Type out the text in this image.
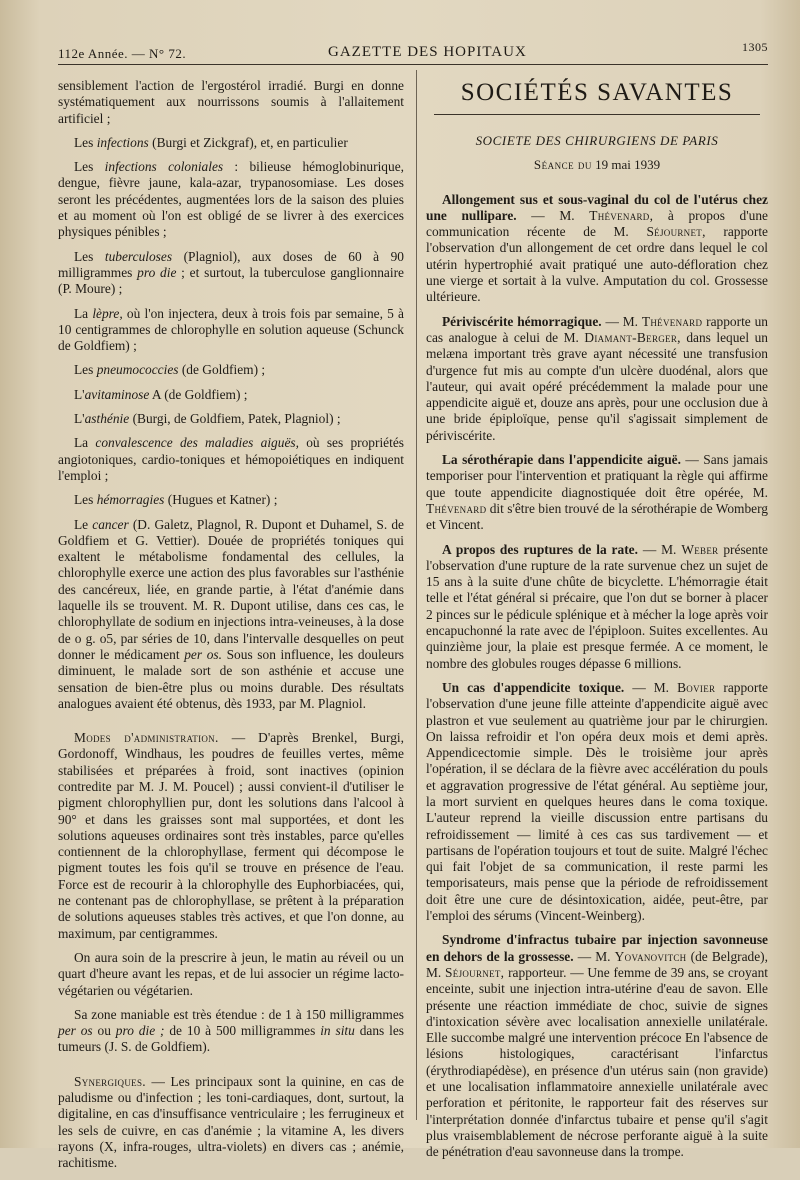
112e Année. — N° 72.	GAZETTE DES HOPITAUX	1305

sensiblement l'action de l'ergostérol irradié. Burgi en donne systématiquement aux nourrissons soumis à l'allaitement artificiel ;

Les infections (Burgi et Zickgraf), et, en particulier

Les infections coloniales : bilieuse hémoglobinurique, dengue, fièvre jaune, kala-azar, trypanosomiase. Les doses seront les précédentes, augmentées lors de la saison des pluies et au moment où l'on est obligé de se livrer à des exercices physiques pénibles ;

Les tuberculoses (Plagniol), aux doses de 60 à 90 milligrammes pro die ; et surtout, la tuberculose ganglionnaire (P. Moure) ;

La lèpre, où l'on injectera, deux à trois fois par semaine, 5 à 10 centigrammes de chlorophylle en solution aqueuse (Schunck de Goldfiem) ;

Les pneumococcies (de Goldfiem) ;

L'avitaminose A (de Goldfiem) ;

L'asthénie (Burgi, de Goldfiem, Patek, Plagniol) ;

La convalescence des maladies aiguës, où ses propriétés angiotoniques, cardio-toniques et hémopoiétiques en indiquent l'emploi ;

Les hémorragies (Hugues et Katner) ;

Le cancer (D. Galetz, Plagnol, R. Dupont et Duhamel, S. de Goldfiem et G. Vettier). Douée de propriétés toniques qui exaltent le métabolisme fondamental des cellules, la chlorophylle exerce une action des plus favorables sur l'asthénie des cancéreux, liée, en grande partie, à l'état d'anémie dans laquelle ils se trouvent. M. R. Dupont utilise, dans ces cas, le chlorophyllate de sodium en injections intra-veineuses, à la dose de o g. o5, par séries de 10, dans l'intervalle desquelles on peut donner le médicament per os. Sous son influence, les douleurs diminuent, le malade sort de son asthénie et accuse une sensation de bien-être plus ou moins durable. Des résultats analogues avaient été obtenus, dès 1933, par M. Plagniol.

Modes d'administration. — D'après Brenkel, Burgi, Gordonoff, Windhaus, les poudres de feuilles vertes, même stabilisées et préparées à froid, sont inactives (opinion contredite par M. J. M. Poucel) ; aussi convient-il d'utiliser le pigment chlorophyllien pur, dont les solutions dans l'alcool à 90° et dans les graisses sont mal supportées, et dont les solutions aqueuses ordinaires sont très instables, parce qu'elles contiennent de la chlorophyllase, ferment qui décompose le pigment toutes les fois qu'il se trouve en présence de l'eau. Force est de recourir à la chlorophylle des Euphorbiacées, qui, ne contenant pas de chlorophyllase, se prêtent à la préparation de solutions aqueuses stables très actives, et que l'on donne, au maximum, par centigrammes.

On aura soin de la prescrire à jeun, le matin au réveil ou un quart d'heure avant les repas, et de lui associer un régime lacto-végétarien ou végétarien.

Sa zone maniable est très étendue : de 1 à 150 milligrammes per os ou pro die ; de 10 à 500 milligrammes in situ dans les tumeurs (J. S. de Goldfiem).

Synergiques. — Les principaux sont la quinine, en cas de paludisme ou d'infection ; les toni-cardiaques, dont, surtout, la digitaline, en cas d'insuffisance ventriculaire ; les ferrugineux et les sels de cuivre, en cas d'anémie ; la vitamine A, les divers rayons (X, infra-rouges, ultra-violets) en divers cas ; anémie, rachitisme.

SOCIÉTÉS SAVANTES
SOCIETE DES CHIRURGIENS DE PARIS
Séance du 19 mai 1939

Allongement sus et sous-vaginal du col de l'utérus chez une nullipare. — M. Thévenard, à propos d'une communication récente de M. Séjournet, rapporte l'observation d'un allongement de cet ordre dans lequel le col utérin hypertrophié avait pratiqué une auto-défloration chez une vierge et sortait à la vulve. Amputation du col. Grossesse ultérieure.

Périviscérite hémorragique. — M. Thévenard rapporte un cas analogue à celui de M. Diamant-Berger, dans lequel un melæna important très grave ayant nécessité une transfusion d'urgence fut mis au compte d'un ulcère duodénal, alors que l'auteur, qui avait opéré précédemment la malade pour une appendicite aiguë et, douze ans après, pour une occlusion due à une bride épiploïque, pense qu'il s'agissait simplement de périviscérite.

La sérothérapie dans l'appendicite aiguë. — Sans jamais temporiser pour l'intervention et pratiquant la règle qui affirme que toute appendicite diagnostiquée doit être opérée, M. Thévenard dit s'être bien trouvé de la sérothérapie de Womberg et Vincent.

A propos des ruptures de la rate. — M. Weber présente l'observation d'une rupture de la rate survenue chez un sujet de 15 ans à la suite d'une chûte de bicyclette. L'hémorragie était telle et l'état général si précaire, que l'on dut se borner à placer 2 pinces sur le pédicule splénique et à mécher la loge après voir encapuchonné la rate avec de l'épiploon. Suites excellentes. Au quinzième jour, la plaie est presque fermée. A ce moment, le nombre des globules rouges dépasse 6 millions.

Un cas d'appendicite toxique. — M. Bovier rapporte l'observation d'une jeune fille atteinte d'appendicite aiguë avec plastron et vue seulement au quatrième jour par le chirurgien. On laissa refroidir et l'on opéra deux mois et demi après. Appendicectomie simple. Dès le troisième jour après l'opération, il se déclara de la fièvre avec accélération du pouls et aggravation progressive de l'état général. Au septième jour, la mort survient en quelques heures dans le coma toxique. L'auteur reprend la vieille discussion entre partisans du refroidissement — limité à ces cas sus tardivement — et partisans de l'opération toujours et tout de suite. Malgré l'échec qui fait l'objet de sa communication, il reste parmi les temporisateurs, mais pense que la période de refroidissement doit être une cure de désintoxication, aidée, peut-être, par l'emploi des sérums (Vincent-Weinberg).

Syndrome d'infractus tubaire par injection savonneuse en dehors de la grossesse. — M. Yovanovitch (de Belgrade), M. Séjournet, rapporteur. — Une femme de 39 ans, se croyant enceinte, subit une injection intra-utérine d'eau de savon. Elle présente une réaction immédiate de choc, suivie de signes d'intoxication sévère avec localisation annexielle unilatérale. Elle succombe malgré une intervention précoce En l'absence de lésions histologiques, caractérisant l'infarctus (érythrodiapédèse), en présence d'un utérus sain (non gravide) et une localisation inflammatoire annexielle unilatérale avec perforation et péritonite, le rapporteur fait des réserves sur l'interprétation donnée d'infarctus tubaire et pense qu'il s'agit plus vraisemblablement de nécrose perforante aiguë à la suite de pénétration d'eau savonneuse dans la trompe.
